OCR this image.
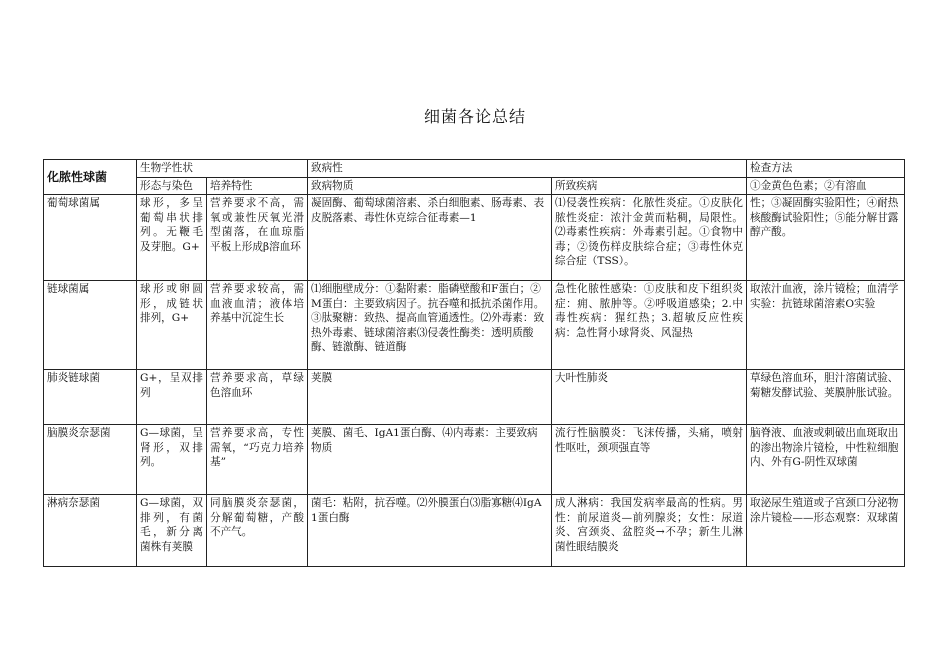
细菌各论总结
化脓性球菌	生物学性状		致病性		检查方法
	形态与染色	培养特性	致病物质	所致疾病	①金黄色色素；②有溶血
葡萄球菌属	球形，多呈葡萄串状排列。无鞭毛及芽胞。G+	营养要求不高，需氧或兼性厌氧光滑型菌落，在血琼脂平板上形成β溶血环	凝固酶、葡萄球菌溶素、杀白细胞素、肠毒素、表皮脱落素、毒性休克综合征毒素—1	⑴侵袭性疾病：化脓性炎症。①皮肤化脓性炎症：浓汁金黄而粘稠，局限性。⑵毒素性疾病：外毒素引起。①食物中毒；②烫伤样皮肤综合症；③毒性休克综合症（TSS）。	性；③凝固酶实验阳性；④耐热核酸酶试验阳性；⑤能分解甘露醇产酸。
链球菌属	球形或卵圆形，成链状排列，G+	营养要求较高，需血液血清；液体培养基中沉淀生长	⑴细胞壁成分：①黏附素：脂磷壁酸和F蛋白；②M蛋白：主要致病因子。抗吞噬和抵抗杀菌作用。③肽聚糖：致热、提高血管通透性。⑵外毒素：致热外毒素、链球菌溶素⑶侵袭性酶类：透明质酸酶、链激酶、链道酶	急性化脓性感染：①皮肤和皮下组织炎症：痈、脓肿等。②呼吸道感染；2.中毒性疾病：猩红热；3.超敏反应性疾病：急性肾小球肾炎、风湿热	取浓汁血液，涂片镜检；血清学实验：抗链球菌溶素O实验
肺炎链球菌	G+，呈双排列	营养要求高，草绿色溶血环	荚膜	大叶性肺炎	草绿色溶血环，胆汁溶菌试验、菊糖发酵试验、荚膜肿胀试验。
脑膜炎奈瑟菌	G—球菌，呈肾形，双排列。	营养要求高，专性需氧，“巧克力培养基”	荚膜、菌毛、IgA1蛋白酶、⑷内毒素：主要致病物质	流行性脑膜炎：飞沫传播，头痛，喷射性呕吐，颈项强直等	脑脊液、血液或刺破出血斑取出的渗出物涂片镜检，中性粒细胞内、外有G-阴性双球菌
淋病奈瑟菌	G—球菌，双排列，有菌毛，新分离菌株有荚膜	同脑膜炎奈瑟菌，分解葡萄糖，产酸不产气。	菌毛：粘附，抗吞噬。⑵外膜蛋白⑶脂寡糖⑷IgA1蛋白酶	成人淋病：我国发病率最高的性病。男性：前尿道炎—前列腺炎；女性：尿道炎、宫颈炎、盆腔炎→不孕；新生儿淋菌性眼结膜炎	取泌尿生殖道或子宫颈口分泌物涂片镜检——形态观察：双球菌
